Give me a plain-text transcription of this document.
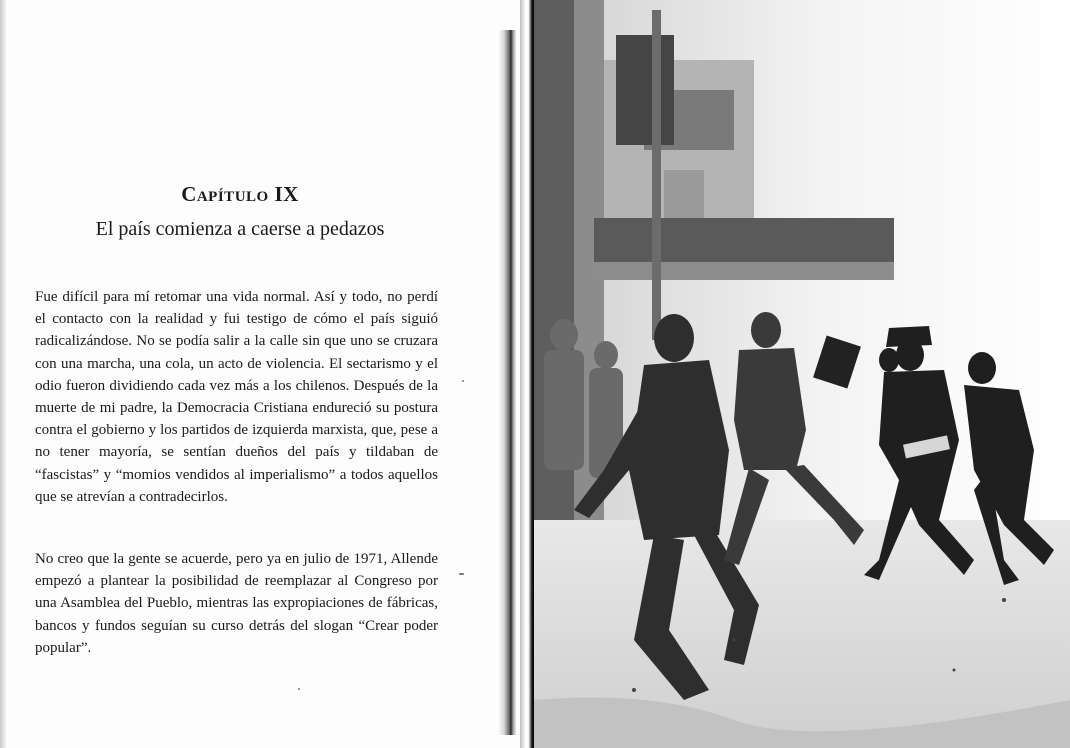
Capítulo IX
El país comienza a caerse a pedazos

Fue difícil para mí retomar una vida normal. Así y todo, no perdí el contacto con la realidad y fui testigo de cómo el país siguió radicalizándose. No se podía salir a la calle sin que uno se cruzara con una marcha, una cola, un acto de violencia. El sectarismo y el odio fueron dividiendo cada vez más a los chilenos. Después de la muerte de mi padre, la Democracia Cristiana endureció su postura contra el gobierno y los partidos de izquierda marxista, que, pese a no tener mayoría, se sentían dueños del país y tildaban de “fascistas” y “momios vendidos al imperialismo” a todos aquellos que se atrevían a contradecirlos.

No creo que la gente se acuerde, pero ya en julio de 1971, Allende empezó a plantear la posibilidad de reemplazar al Congreso por una Asamblea del Pueblo, mientras las expropiaciones de fábricas, bancos y fundos seguían su curso detrás del slogan “Crear poder popular”.
